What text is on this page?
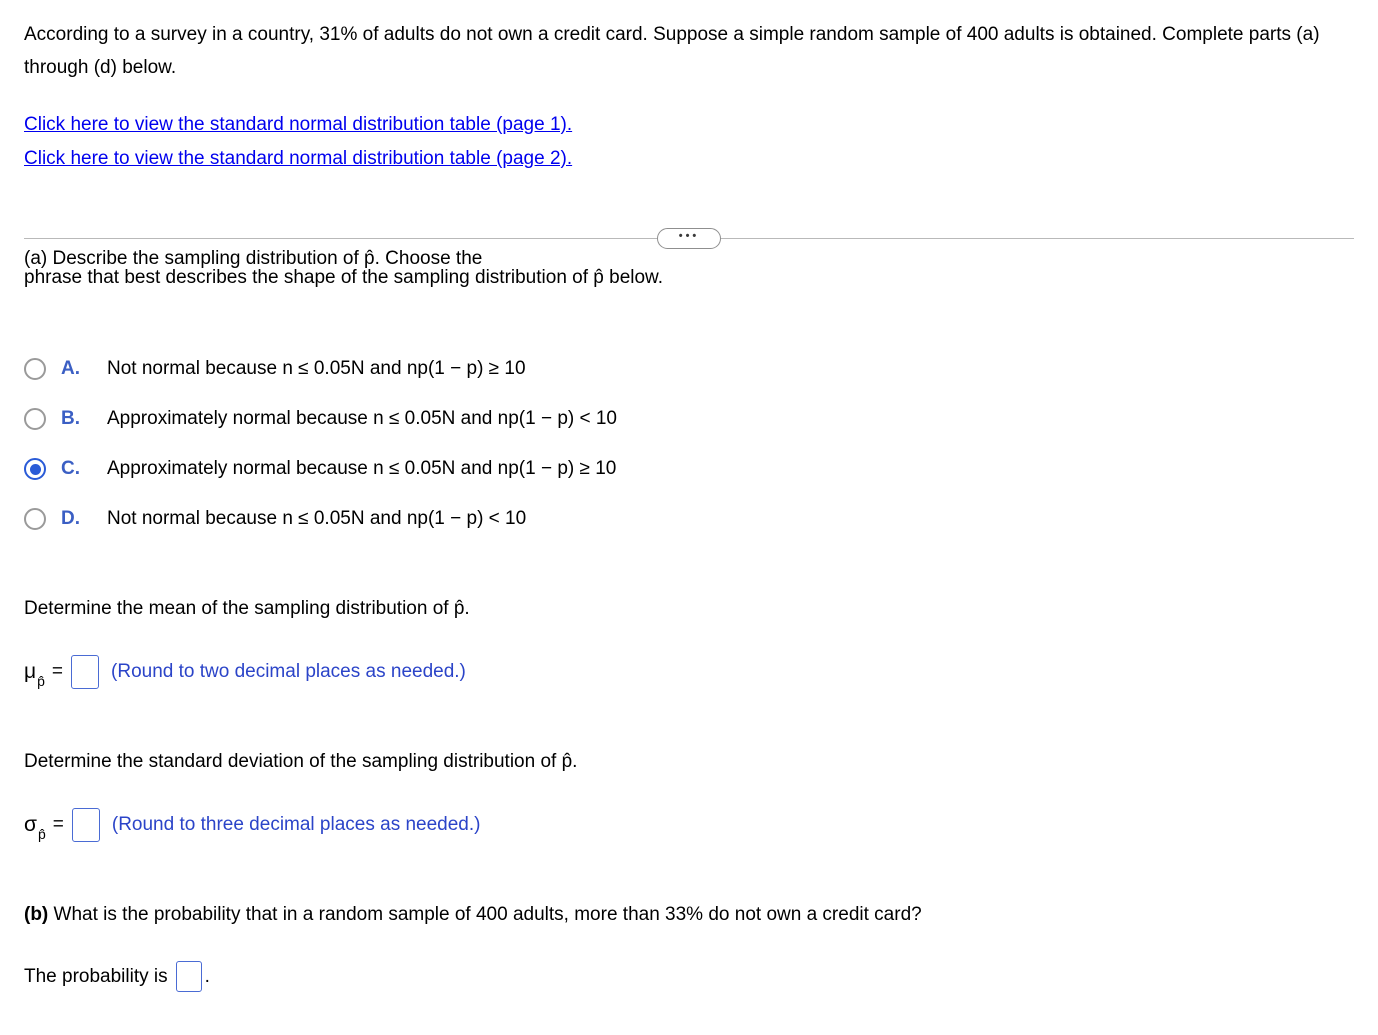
According to a survey in a country, 31% of adults do not own a credit card. Suppose a simple random sample of 400 adults is obtained. Complete parts (a) through (d) below.
Click here to view the standard normal distribution table (page 1).
Click here to view the standard normal distribution table (page 2).
•••
(a) Describe the sampling distribution of p̂. Choose the
phrase that best describes the shape of the sampling distribution of p̂ below.
A.	Not normal because n ≤ 0.05N and np(1 − p) ≥ 10
B.	Approximately normal because n ≤ 0.05N and np(1 − p) < 10
C.	Approximately normal because n ≤ 0.05N and np(1 − p) ≥ 10
D.	Not normal because n ≤ 0.05N and np(1 − p) < 10
Determine the mean of the sampling distribution of p̂.
μ p̂ =	(Round to two decimal places as needed.)
Determine the standard deviation of the sampling distribution of p̂.
σ p̂ =	(Round to three decimal places as needed.)
(b) What is the probability that in a random sample of 400 adults, more than 33% do not own a credit card?
The probability is .
